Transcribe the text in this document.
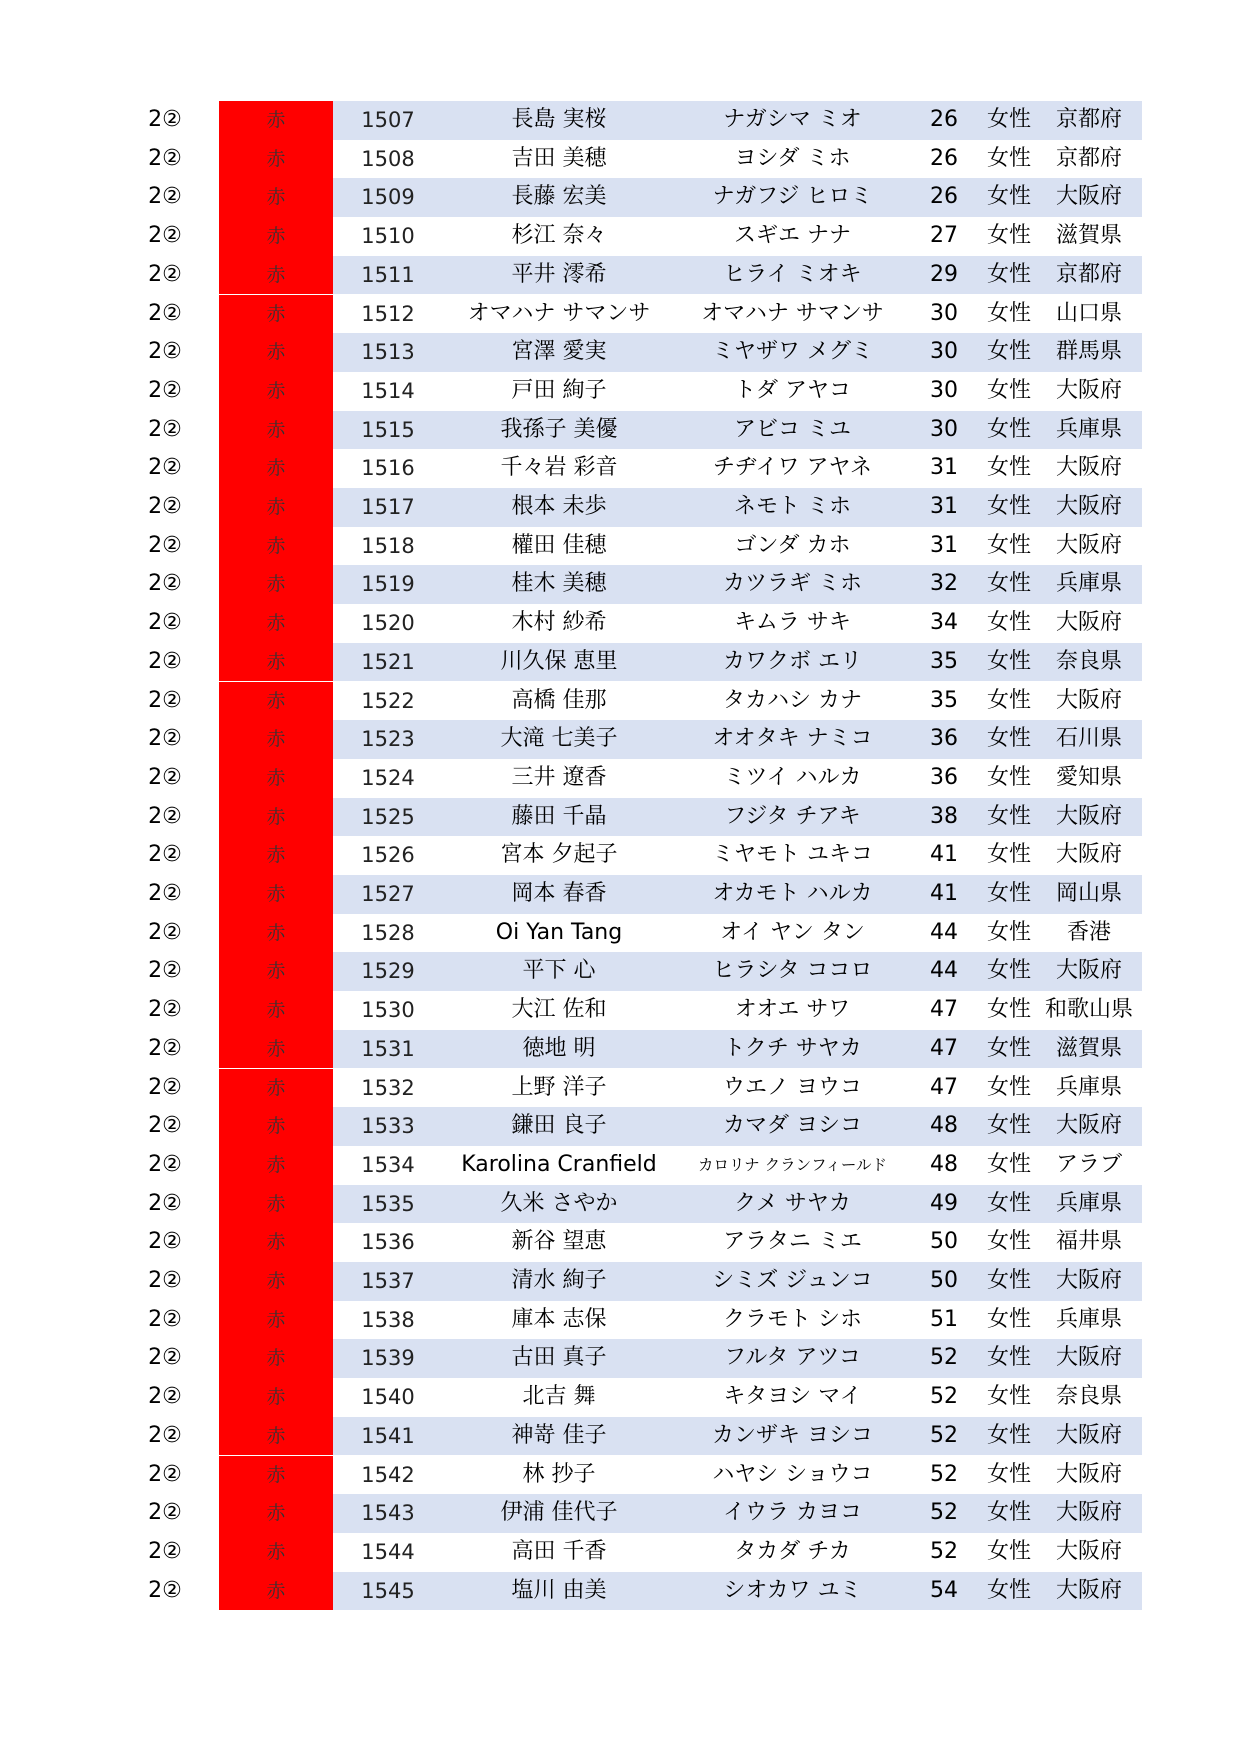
2②	赤	1507	長島 実桜	ナガシマ ミオ	26	女性	京都府
2②	赤	1508	吉田 美穂	ヨシダ ミホ	26	女性	京都府
2②	赤	1509	長藤 宏美	ナガフジ ヒロミ	26	女性	大阪府
2②	赤	1510	杉江 奈々	スギエ ナナ	27	女性	滋賀県
2②	赤	1511	平井 澪希	ヒライ ミオキ	29	女性	京都府
2②	赤	1512	オマハナ サマンサ	オマハナ サマンサ	30	女性	山口県
2②	赤	1513	宮澤 愛実	ミヤザワ メグミ	30	女性	群馬県
2②	赤	1514	戸田 絢子	トダ アヤコ	30	女性	大阪府
2②	赤	1515	我孫子 美優	アビコ ミユ	30	女性	兵庫県
2②	赤	1516	千々岩 彩音	チヂイワ アヤネ	31	女性	大阪府
2②	赤	1517	根本 未歩	ネモト ミホ	31	女性	大阪府
2②	赤	1518	權田 佳穂	ゴンダ カホ	31	女性	大阪府
2②	赤	1519	桂木 美穂	カツラギ ミホ	32	女性	兵庫県
2②	赤	1520	木村 紗希	キムラ サキ	34	女性	大阪府
2②	赤	1521	川久保 恵里	カワクボ エリ	35	女性	奈良県
2②	赤	1522	高橋 佳那	タカハシ カナ	35	女性	大阪府
2②	赤	1523	大滝 七美子	オオタキ ナミコ	36	女性	石川県
2②	赤	1524	三井 遼香	ミツイ ハルカ	36	女性	愛知県
2②	赤	1525	藤田 千晶	フジタ チアキ	38	女性	大阪府
2②	赤	1526	宮本 夕起子	ミヤモト ユキコ	41	女性	大阪府
2②	赤	1527	岡本 春香	オカモト ハルカ	41	女性	岡山県
2②	赤	1528	Oi Yan Tang	オイ ヤン タン	44	女性	香港
2②	赤	1529	平下 心	ヒラシタ ココロ	44	女性	大阪府
2②	赤	1530	大江 佐和	オオエ サワ	47	女性 和歌山県
2②	赤	1531	徳地 明	トクチ サヤカ	47	女性	滋賀県
2②	赤	1532	上野 洋子	ウエノ ヨウコ	47	女性	兵庫県
2②	赤	1533	鎌田 良子	カマダ ヨシコ	48	女性	大阪府
2②	赤	1534	Karolina Cranfield	カロリナ クランフィールド	48	女性	アラブ
2②	赤	1535	久米 さやか	クメ サヤカ	49	女性	兵庫県
2②	赤	1536	新谷 望恵	アラタニ ミエ	50	女性	福井県
2②	赤	1537	清水 絢子	シミズ ジュンコ	50	女性	大阪府
2②	赤	1538	庫本 志保	クラモト シホ	51	女性	兵庫県
2②	赤	1539	古田 真子	フルタ アツコ	52	女性	大阪府
2②	赤	1540	北吉 舞	キタヨシ マイ	52	女性	奈良県
2②	赤	1541	神嵜 佳子	カンザキ ヨシコ	52	女性	大阪府
2②	赤	1542	林 抄子	ハヤシ ショウコ	52	女性	大阪府
2②	赤	1543	伊浦 佳代子	イウラ カヨコ	52	女性	大阪府
2②	赤	1544	高田 千香	タカダ チカ	52	女性	大阪府
2②	赤	1545	塩川 由美	シオカワ ユミ	54	女性	大阪府
